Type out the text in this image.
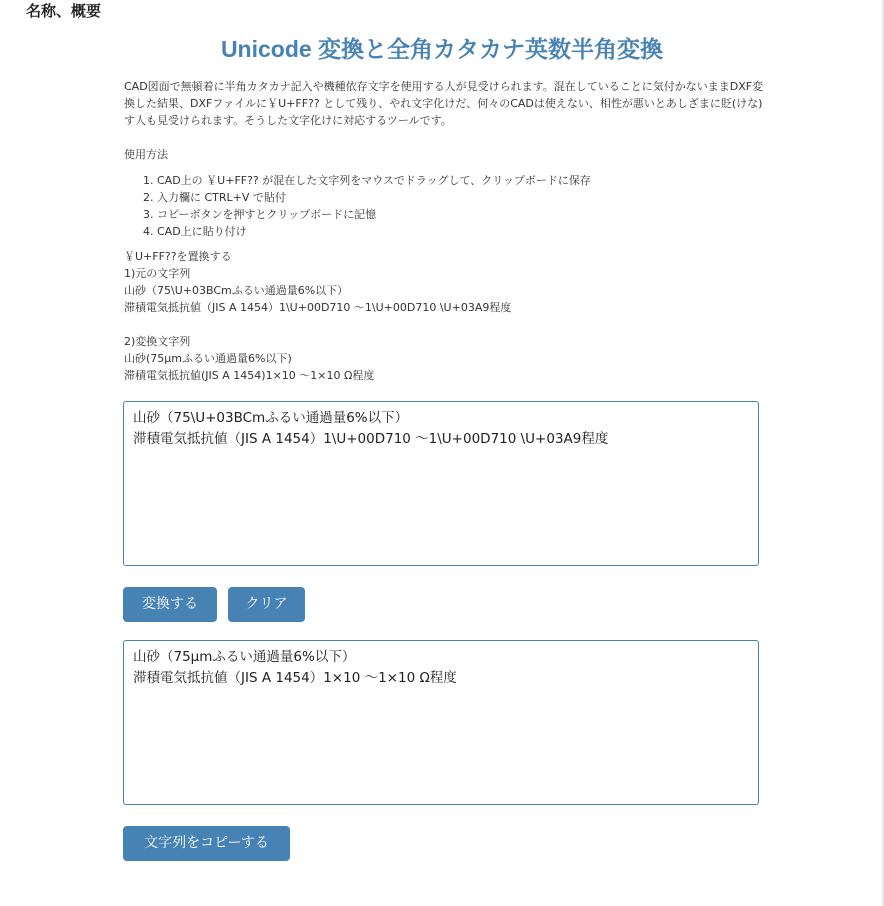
名称、概要
Unicode 変換と全角カタカナ英数半角変換

CAD図面で無頓着に半角カタカナ記入や機種依存文字を使用する人が見受けられます。混在していることに気付かないままDXF変換した結果、DXFファイルに￥U+FF?? として残り、やれ文字化けだ、何々のCADは使えない、相性が悪いとあしざまに貶(けな)す人も見受けられます。そうした文字化けに対応するツールです。

使用方法

1. CAD上の ￥U+FF?? が混在した文字列をマウスでドラッグして、クリップボードに保存
2. 入力欄に CTRL+V で貼付
3. コピーボタンを押すとクリップボードに記憶
4. CAD上に貼り付け

￥U+FF??を置換する

1)元の文字列

山砂（75\U+03BCmふるい通過量6%以下）

滞積電気抵抗値（JIS A 1454）1\U+00D710 ～1\U+00D710 \U+03A9程度

2)変換文字列

山砂(75μmふるい通過量6%以下)

滞積電気抵抗値(JIS A 1454)1×10 ～1×10 Ω程度

山砂（75\U+03BCmふるい通過量6%以下） 滞積電気抵抗値（JIS A 1454）1\U+00D710 ～1\U+00D710 \U+03A9程度
変換する	クリア
山砂（75μmふるい通過量6%以下） 滞積電気抵抗値（JIS A 1454）1×10 ～1×10 Ω程度
文字列をコピーする
